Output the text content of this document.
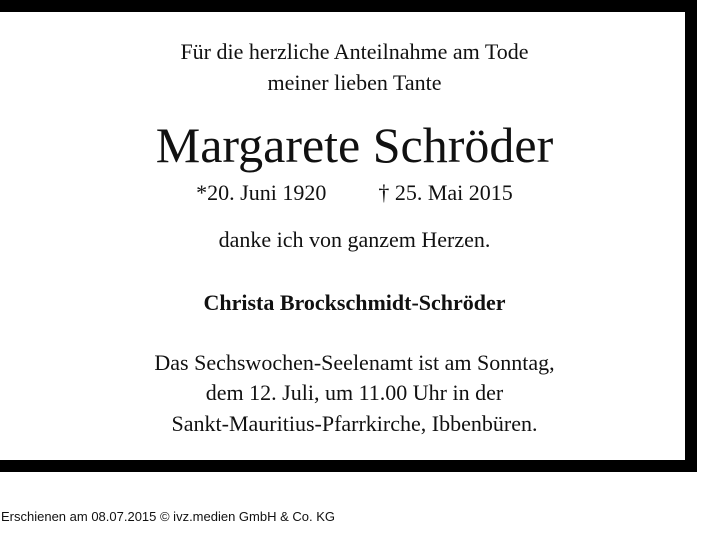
Für die herzliche Anteilnahme am Tode
meiner lieben Tante
Margarete Schröder
*20. Juni 1920 † 25. Mai 2015
danke ich von ganzem Herzen.
Christa Brockschmidt-Schröder
Das Sechswochen-Seelenamt ist am Sonntag,
dem 12. Juli, um 11.00 Uhr in der
Sankt-Mauritius-Pfarrkirche, Ibbenbüren.
Erschienen am 08.07.2015 © ivz.medien GmbH & Co. KG
